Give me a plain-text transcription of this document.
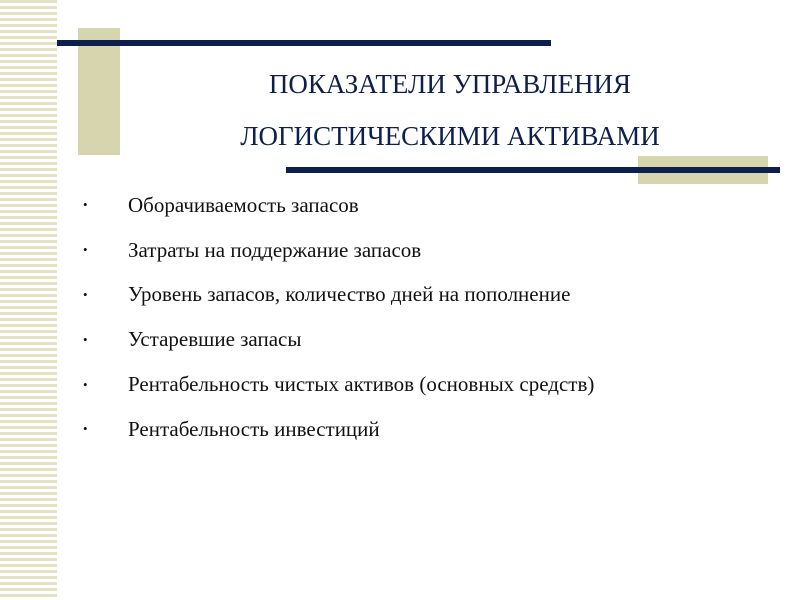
ПОКАЗАТЕЛИ УПРАВЛЕНИЯ
ЛОГИСТИЧЕСКИМИ АКТИВАМИ
•	Оборачиваемость запасов
•	Затраты на поддержание запасов
•	Уровень запасов, количество дней на пополнение
•	Устаревшие запасы
•	Рентабельность чистых активов (основных средств)
•	Рентабельность инвестиций
